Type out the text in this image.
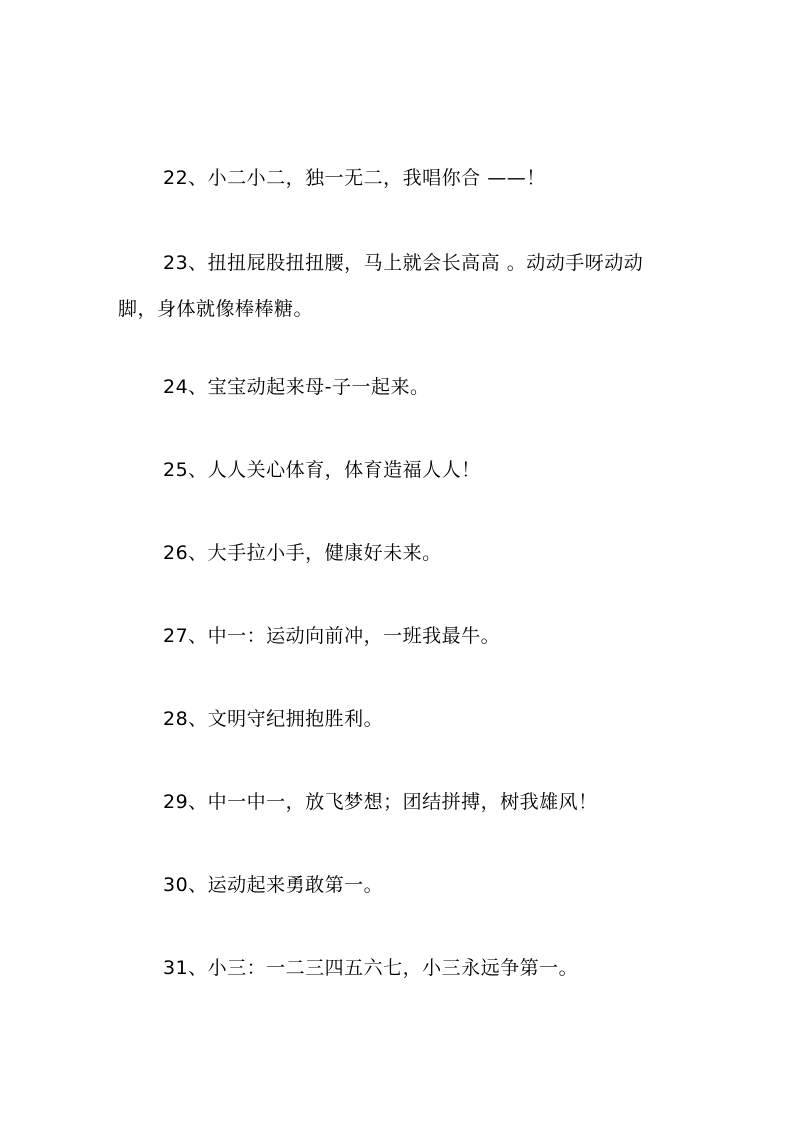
22、小二小二，独一无二，我唱你合 ——！

23、扭扭屁股扭扭腰，马上就会长高高 。动动手呀动动脚，身体就像棒棒糖。

24、宝宝动起来母-子一起来。

25、人人关心体育，体育造福人人！

26、大手拉小手，健康好未来。

27、中一：运动向前冲，一班我最牛。

28、文明守纪拥抱胜利。

29、中一中一，放飞梦想；团结拼搏，树我雄风！

30、运动起来勇敢第一。

31、小三：一二三四五六七，小三永远争第一。
